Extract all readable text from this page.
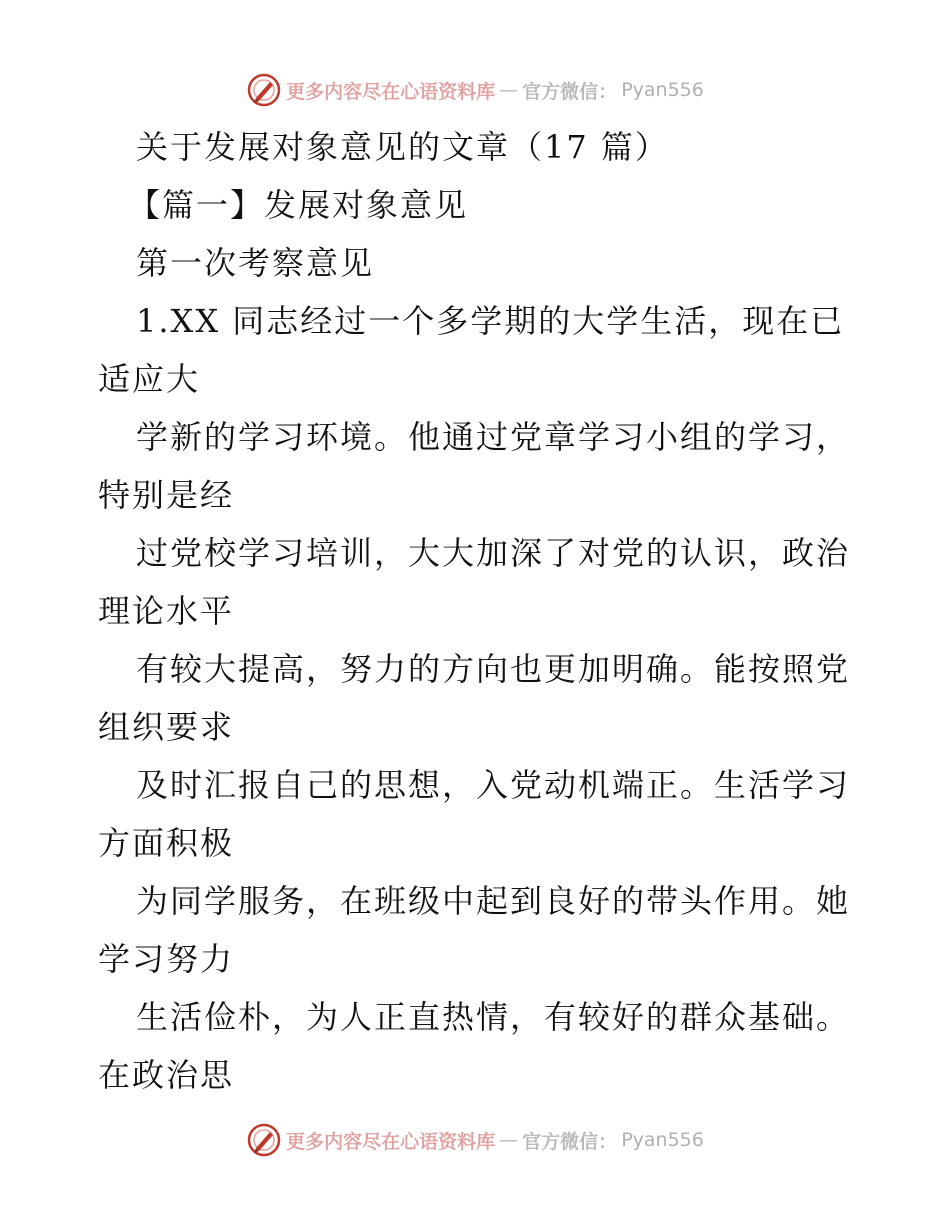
更多内容尽在心语资料库 — 官方微信： Pyan556
关于发展对象意见的文章（17 篇）
【篇一】发展对象意见
第一次考察意见
1.XX 同志经过一个多学期的大学生活，现在已
适应大
学新的学习环境。他通过党章学习小组的学习，
特别是经
过党校学习培训，大大加深了对党的认识，政治
理论水平
有较大提高，努力的方向也更加明确。能按照党
组织要求
及时汇报自己的思想，入党动机端正。生活学习
方面积极
为同学服务，在班级中起到良好的带头作用。她
学习努力
生活俭朴，为人正直热情，有较好的群众基础。
在政治思
更多内容尽在心语资料库 — 官方微信： Pyan556
